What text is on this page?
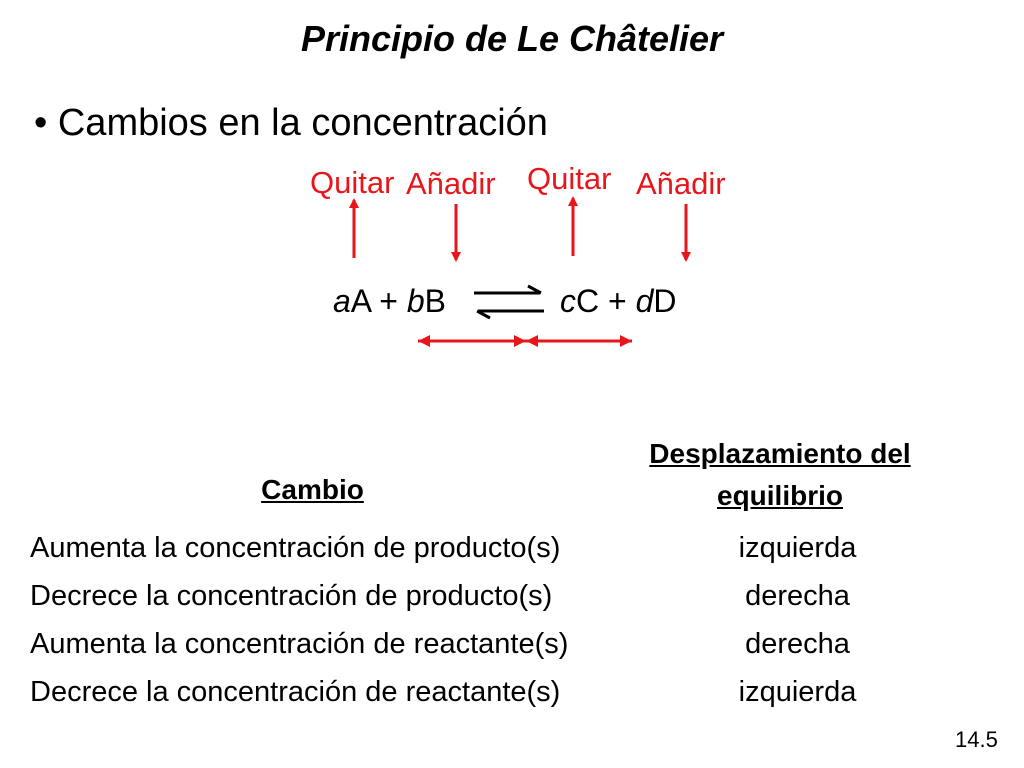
Principio de Le Châtelier
• Cambios en la concentración
Quitar Añadir Quitar Añadir
aA + bB	cC + dD
Cambio
Desplazamiento del
equilibrio
Aumenta la concentración de producto(s)	izquierda
Decrece la concentración de producto(s)	derecha
Aumenta la concentración de reactante(s)	derecha
Decrece la concentración de reactante(s)	izquierda
14.5
